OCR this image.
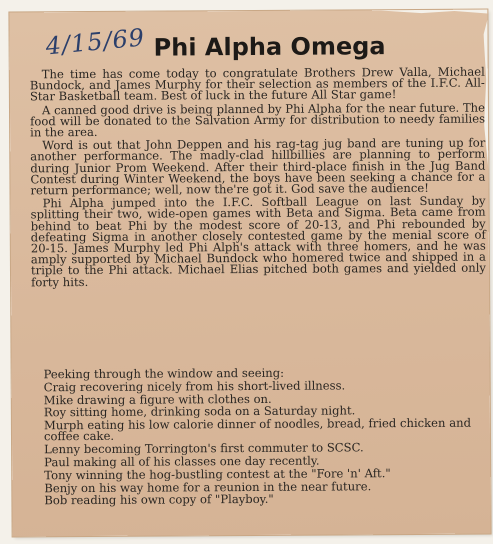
4/15/69 Phi Alpha Omega

The time has come today to congratulate Brothers Drew Valla, Michael Bundock, and James Murphy for their selection as members of the I.F.C. All-Star Basketball team. Best of luck in the future All Star game!

A canned good drive is being planned by Phi Alpha for the near future. The food will be donated to the Salvation Army for distribution to needy families in the area.

Word is out that John Deppen and his rag-tag jug band are tuning up for another performance. The madly-clad hillbillies are planning to perform during Junior Prom Weekend. After their third-place finish in the Jug Band Contest during Winter Weekend, the boys have been seeking a chance for a return performance; well, now the're got it. God save the audience!

Phi Alpha jumped into the I.F.C. Softball League on last Sunday by splitting their two, wide-open games with Beta and Sigma. Beta came from behind to beat Phi by the modest score of 20-13, and Phi rebounded by defeating Sigma in another closely contested game by the menial score of 20-15. James Murphy led Phi Alph's attack with three homers, and he was amply supported by Michael Bundock who homered twice and shipped in a triple to the Phi attack. Michael Elias pitched both games and yielded only forty hits.

Peeking through the window and seeing:
Craig recovering nicely from his short-lived illness.
Mike drawing a figure with clothes on.
Roy sitting home, drinking soda on a Saturday night.
Murph eating his low calorie dinner of noodles, bread, fried chicken and coffee cake.
Lenny becoming Torrington's first commuter to SCSC.
Paul making all of his classes one day recently.
Tony winning the hog-bustling contest at the "Fore 'n' Aft."
Benjy on his way home for a reunion in the near future.
Bob reading his own copy of "Playboy."
